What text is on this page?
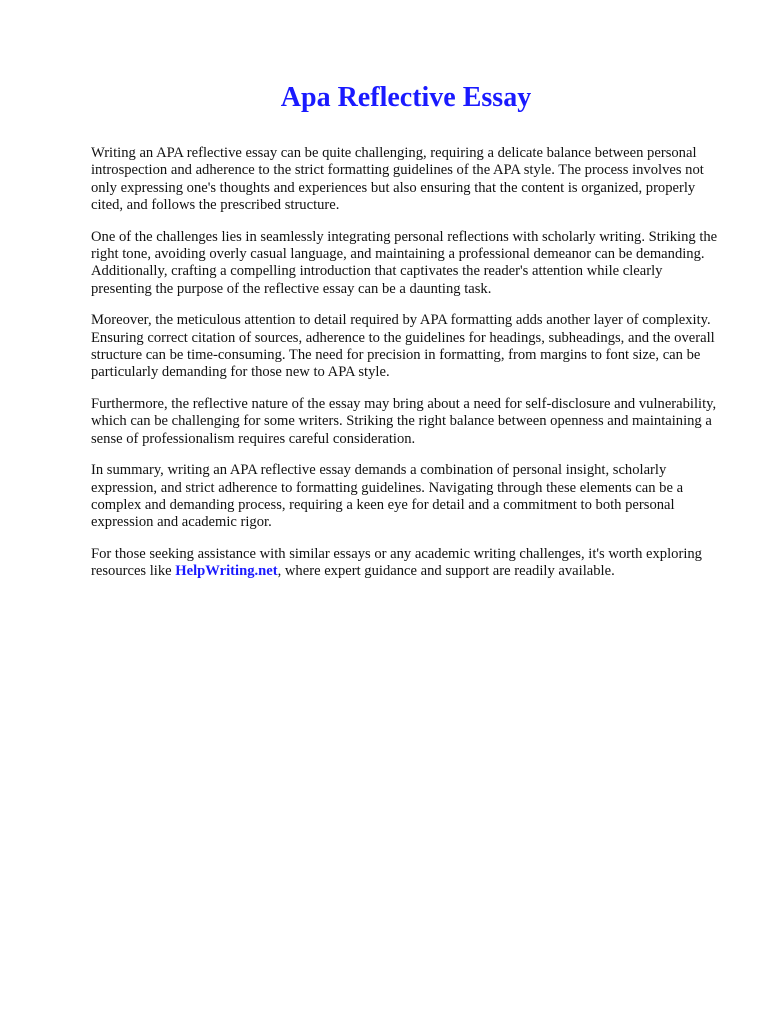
Apa Reflective Essay

Writing an APA reflective essay can be quite challenging, requiring a delicate balance between personal introspection and adherence to the strict formatting guidelines of the APA style. The process involves not only expressing one's thoughts and experiences but also ensuring that the content is organized, properly cited, and follows the prescribed structure.

One of the challenges lies in seamlessly integrating personal reflections with scholarly writing. Striking the right tone, avoiding overly casual language, and maintaining a professional demeanor can be demanding. Additionally, crafting a compelling introduction that captivates the reader's attention while clearly presenting the purpose of the reflective essay can be a daunting task.

Moreover, the meticulous attention to detail required by APA formatting adds another layer of complexity. Ensuring correct citation of sources, adherence to the guidelines for headings, subheadings, and the overall structure can be time-consuming. The need for precision in formatting, from margins to font size, can be particularly demanding for those new to APA style.

Furthermore, the reflective nature of the essay may bring about a need for self-disclosure and vulnerability, which can be challenging for some writers. Striking the right balance between openness and maintaining a sense of professionalism requires careful consideration.

In summary, writing an APA reflective essay demands a combination of personal insight, scholarly expression, and strict adherence to formatting guidelines. Navigating through these elements can be a complex and demanding process, requiring a keen eye for detail and a commitment to both personal expression and academic rigor.

For those seeking assistance with similar essays or any academic writing challenges, it's worth exploring resources like HelpWriting.net, where expert guidance and support are readily available.
